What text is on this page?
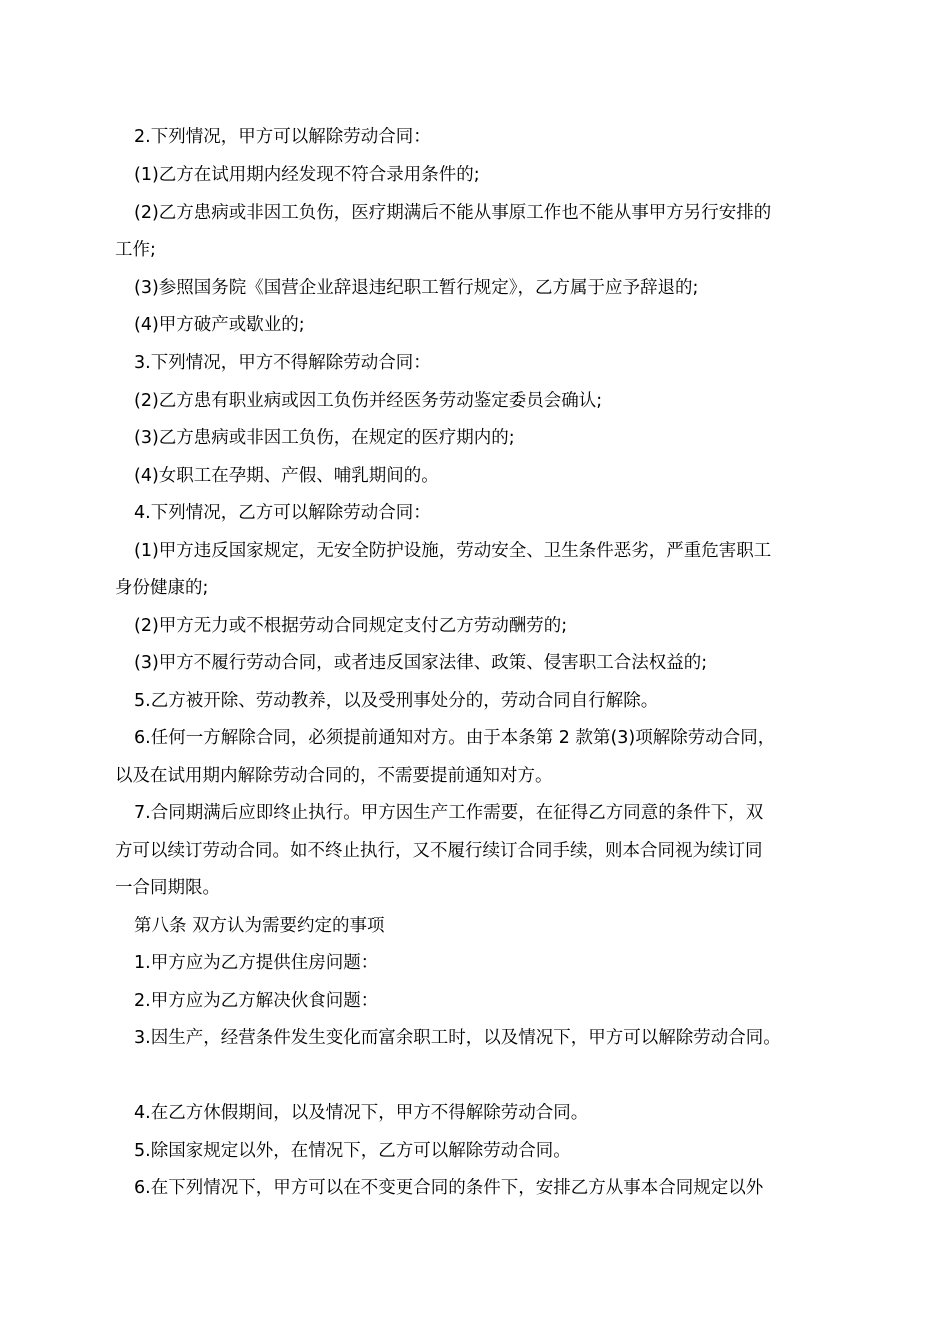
2.下列情况，甲方可以解除劳动合同：
(1)乙方在试用期内经发现不符合录用条件的;
(2)乙方患病或非因工负伤，医疗期满后不能从事原工作也不能从事甲方另行安排的
工作;
(3)参照国务院《国营企业辞退违纪职工暂行规定》，乙方属于应予辞退的;
(4)甲方破产或歇业的;
3.下列情况，甲方不得解除劳动合同：
(2)乙方患有职业病或因工负伤并经医务劳动鉴定委员会确认;
(3)乙方患病或非因工负伤，在规定的医疗期内的;
(4)女职工在孕期、产假、哺乳期间的。
4.下列情况，乙方可以解除劳动合同：
(1)甲方违反国家规定，无安全防护设施，劳动安全、卫生条件恶劣，严重危害职工
身份健康的;
(2)甲方无力或不根据劳动合同规定支付乙方劳动酬劳的;
(3)甲方不履行劳动合同，或者违反国家法律、政策、侵害职工合法权益的;
5.乙方被开除、劳动教养，以及受刑事处分的，劳动合同自行解除。
6.任何一方解除合同，必须提前通知对方。由于本条第 2 款第(3)项解除劳动合同，
以及在试用期内解除劳动合同的，不需要提前通知对方。
7.合同期满后应即终止执行。甲方因生产工作需要，在征得乙方同意的条件下，双
方可以续订劳动合同。如不终止执行，又不履行续订合同手续，则本合同视为续订同
一合同期限。
第八条 双方认为需要约定的事项
1.甲方应为乙方提供住房问题：
2.甲方应为乙方解决伙食问题：
3.因生产，经营条件发生变化而富余职工时，以及情况下，甲方可以解除劳动合同。
4.在乙方休假期间，以及情况下，甲方不得解除劳动合同。
5.除国家规定以外，在情况下，乙方可以解除劳动合同。
6.在下列情况下，甲方可以在不变更合同的条件下，安排乙方从事本合同规定以外
